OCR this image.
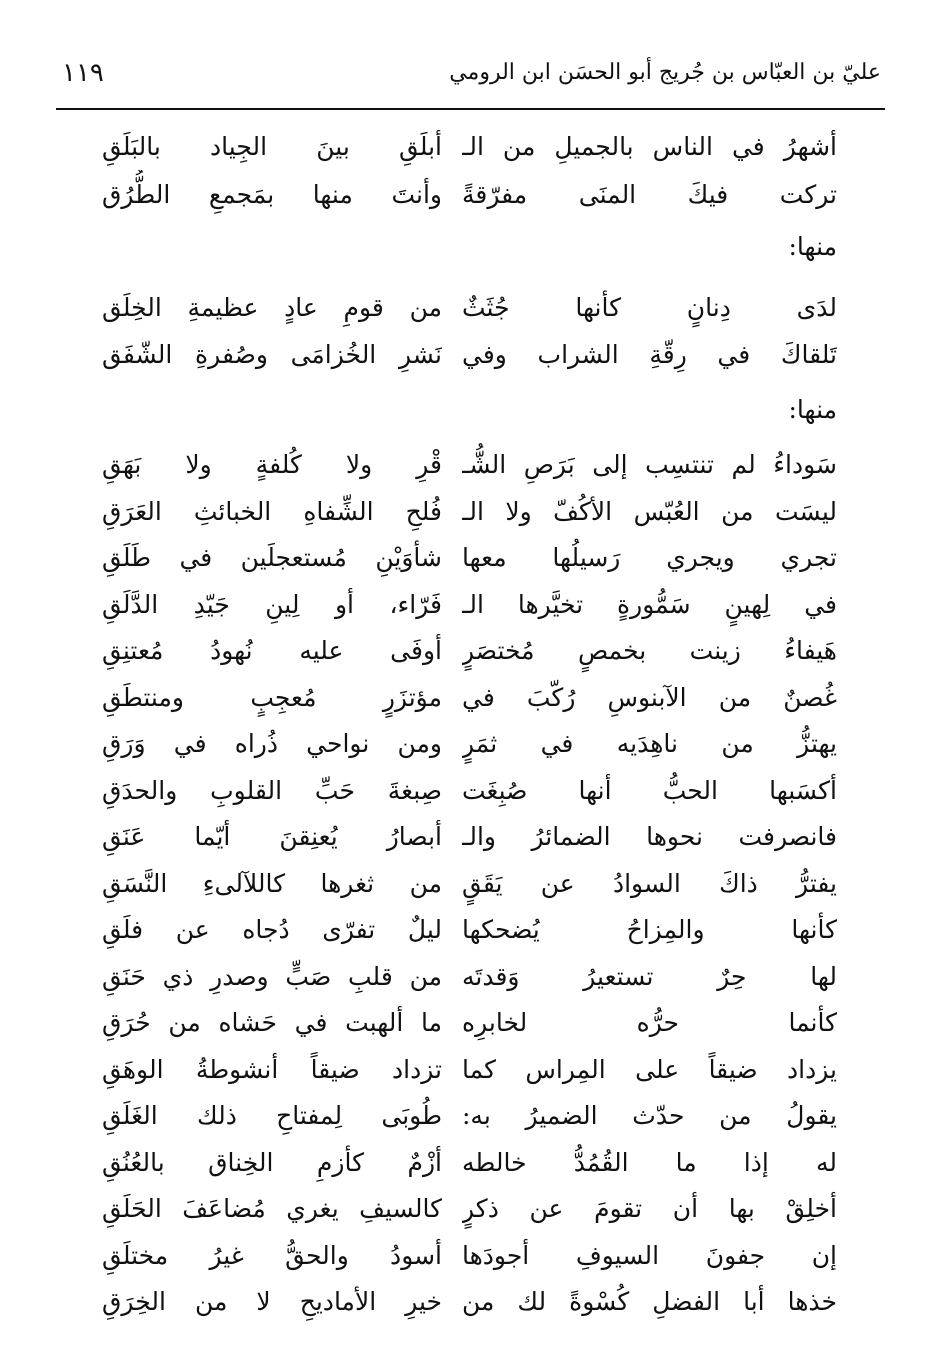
١١٩	عليّ بن العبّاس بن جُريج أبو الحسَن ابن الرومي
أشهرُ في الناس بالجميلِ من الـ
أبلَقِ بينَ الجِياد بالبَلَقِ
تركت فيكَ المنَى مفرّقةً
وأنتَ منها بمَجمعِ الطُّرُق
منها:
لدَى دِنانٍ كأنها جُثَثٌ
من قومِ عادٍ عظيمةِ الخِلَق
تَلقاكَ في رِقّةِ الشراب وفي
نَشرِ الخُزامَى وصُفرةِ الشّفَق
منها:
سَوداءُ لم تنتسِب إلى بَرَصِ الشُّـ
قْرِ ولا كُلفةٍ ولا بَهَقِ
ليسَت من العُبّس الأكُفّ ولا الـ
فُلحِ الشِّفاهِ الخبائثِ العَرَقِ
تجري ويجري رَسيلُها معها
شأوَيْنِ مُستعجلَين في طَلَقِ
في لِهينٍ سَمُّورةٍ تخيَّرها الـ
فَرّاء، أو لِينِ جَيّدِ الدَّلَقِ
هَيفاءُ زينت بخمصٍ مُختصَرٍ
أوفَى عليه نُهودُ مُعتنِقِ
غُصنٌ من الآبنوسِ رُكّبَ في
مؤتزَرٍ مُعجِبٍ ومنتطَقِ
يهتزُّ من ناهِدَيه في ثمَرٍ
ومن نواحي ذُراه في وَرَقِ
أكسَبها الحبُّ أنها صُبِغَت
صِبغةَ حَبِّ القلوبِ والحدَقِ
فانصرفت نحوها الضمائرُ والـ
أبصارُ يُعنِقنَ أيّما عَنَقِ
يفترُّ ذاكَ السوادُ عن يَقَقٍ
من ثغرها كاللآلىءِ النَّسَقِ
كأنها والمِزاحُ يُضحكها
ليلٌ تفرّى دُجاه عن فلَقِ
لها حِرٌ تستعيرُ وَقدتَه
من قلبِ صَبٍّ وصدرِ ذي حَنَقِ
كأنما حرُّه لخابرِه
ما ألهبت في حَشاه من حُرَقِ
يزداد ضيقاً على المِراس كما
تزداد ضيقاً أنشوطةُ الوهَقِ
يقولُ من حدّث الضميرُ به:
طُوبَى لِمفتاحِ ذلك الغَلَقِ
له إذا ما القُمُدُّ خالطه
أزْمٌ كأزمِ الخِناق بالعُنُقِ
أخلِقْ بها أن تقومَ عن ذكرٍ
كالسيفِ يغري مُضاعَفَ الحَلَقِ
إن جفونَ السيوفِ أجودَها
أسودُ والحقُّ غيرُ مختلَقِ
خذها أبا الفضلِ كُسْوةً لك من
خيرِ الأماديحِ لا من الخِرَقِ
